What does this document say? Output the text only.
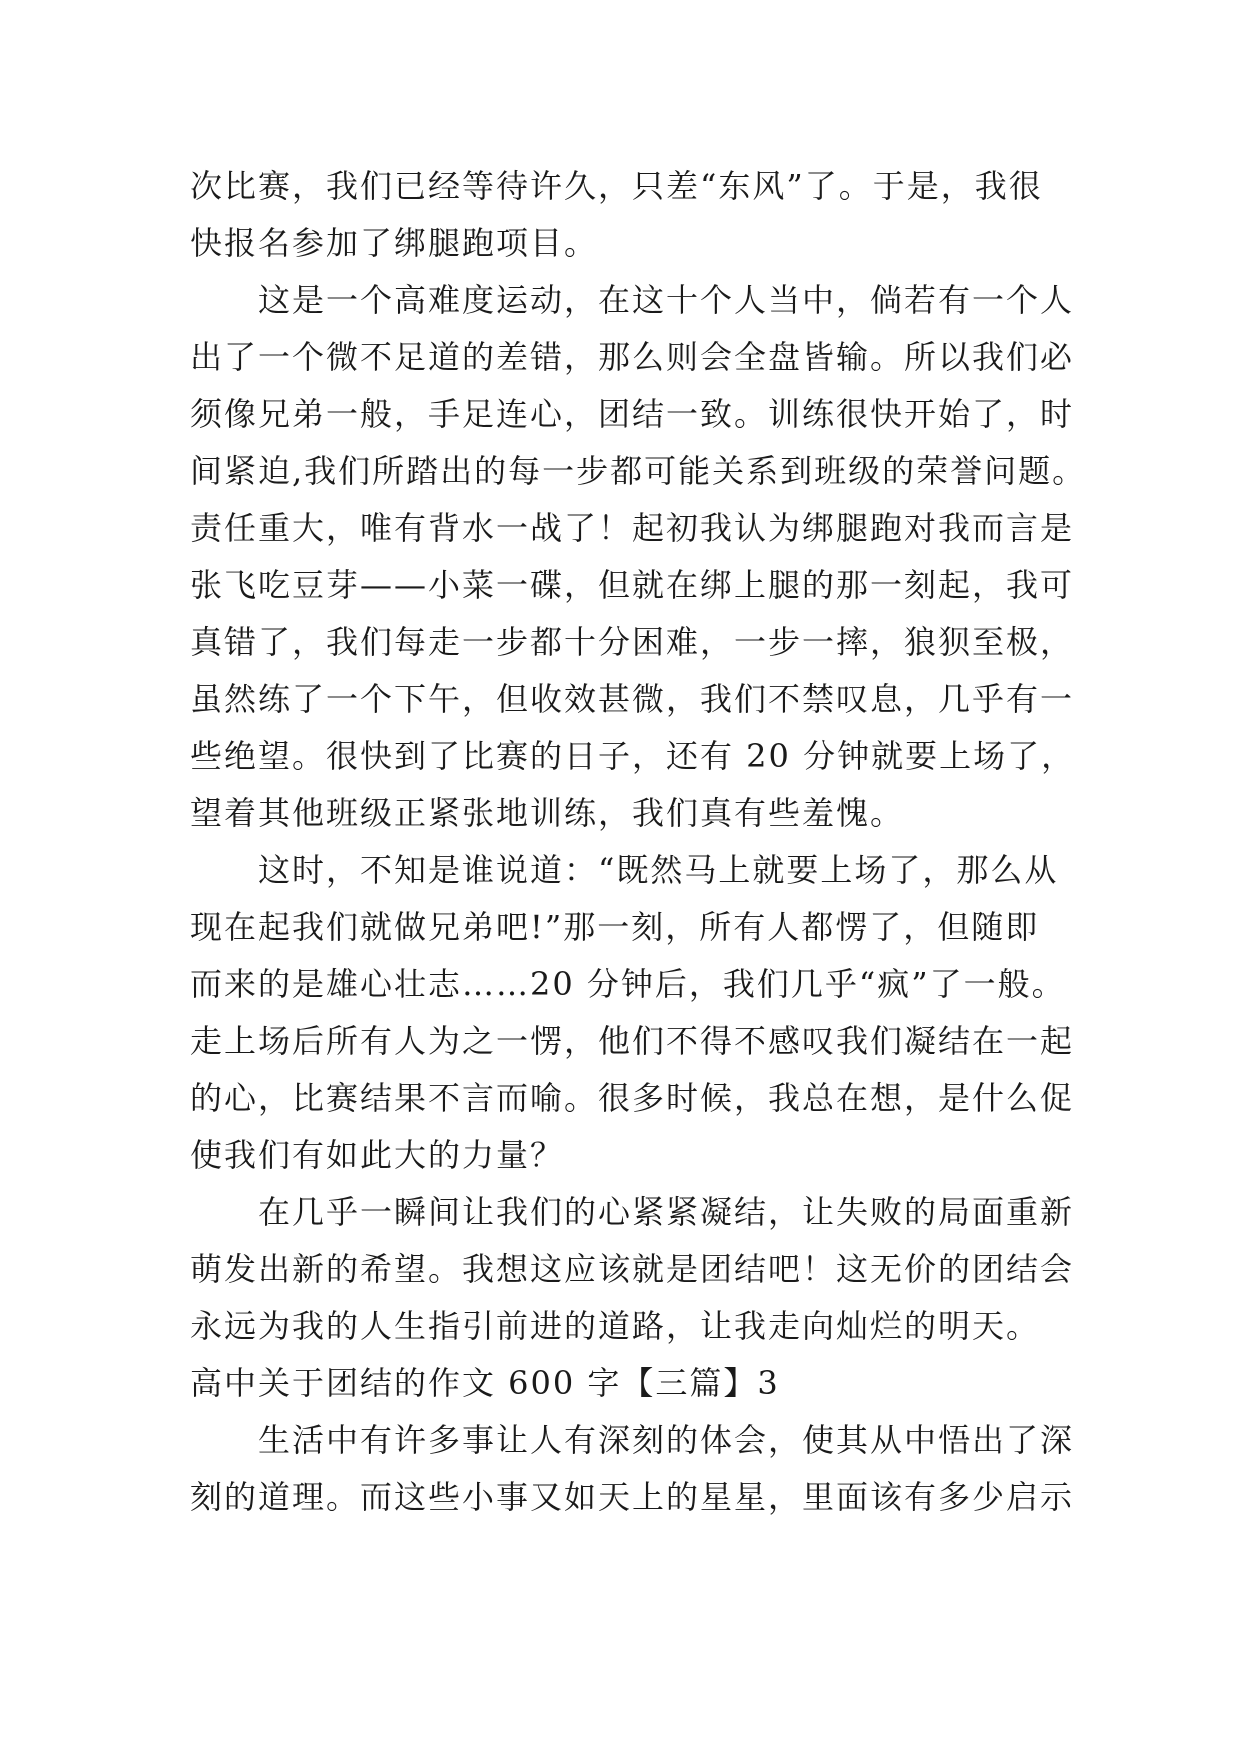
次比赛，我们已经等待许久，只差“东风”了。于是，我很
快报名参加了绑腿跑项目。
这是一个高难度运动，在这十个人当中，倘若有一个人
出了一个微不足道的差错，那么则会全盘皆输。所以我们必
须像兄弟一般，手足连心，团结一致。训练很快开始了，时
间紧迫,我们所踏出的每一步都可能关系到班级的荣誉问题。
责任重大，唯有背水一战了！起初我认为绑腿跑对我而言是
张飞吃豆芽——小菜一碟，但就在绑上腿的那一刻起，我可
真错了，我们每走一步都十分困难，一步一摔，狼狈至极，
虽然练了一个下午，但收效甚微，我们不禁叹息，几乎有一
些绝望。很快到了比赛的日子，还有 20 分钟就要上场了，
望着其他班级正紧张地训练，我们真有些羞愧。
这时，不知是谁说道：“既然马上就要上场了，那么从
现在起我们就做兄弟吧!”那一刻，所有人都愣了，但随即
而来的是雄心壮志……20 分钟后，我们几乎“疯”了一般。
走上场后所有人为之一愣，他们不得不感叹我们凝结在一起
的心，比赛结果不言而喻。很多时候，我总在想，是什么促
使我们有如此大的力量？
在几乎一瞬间让我们的心紧紧凝结，让失败的局面重新
萌发出新的希望。我想这应该就是团结吧！这无价的团结会
永远为我的人生指引前进的道路，让我走向灿烂的明天。
高中关于团结的作文 600 字【三篇】3
生活中有许多事让人有深刻的体会，使其从中悟出了深
刻的道理。而这些小事又如天上的星星，里面该有多少启示
